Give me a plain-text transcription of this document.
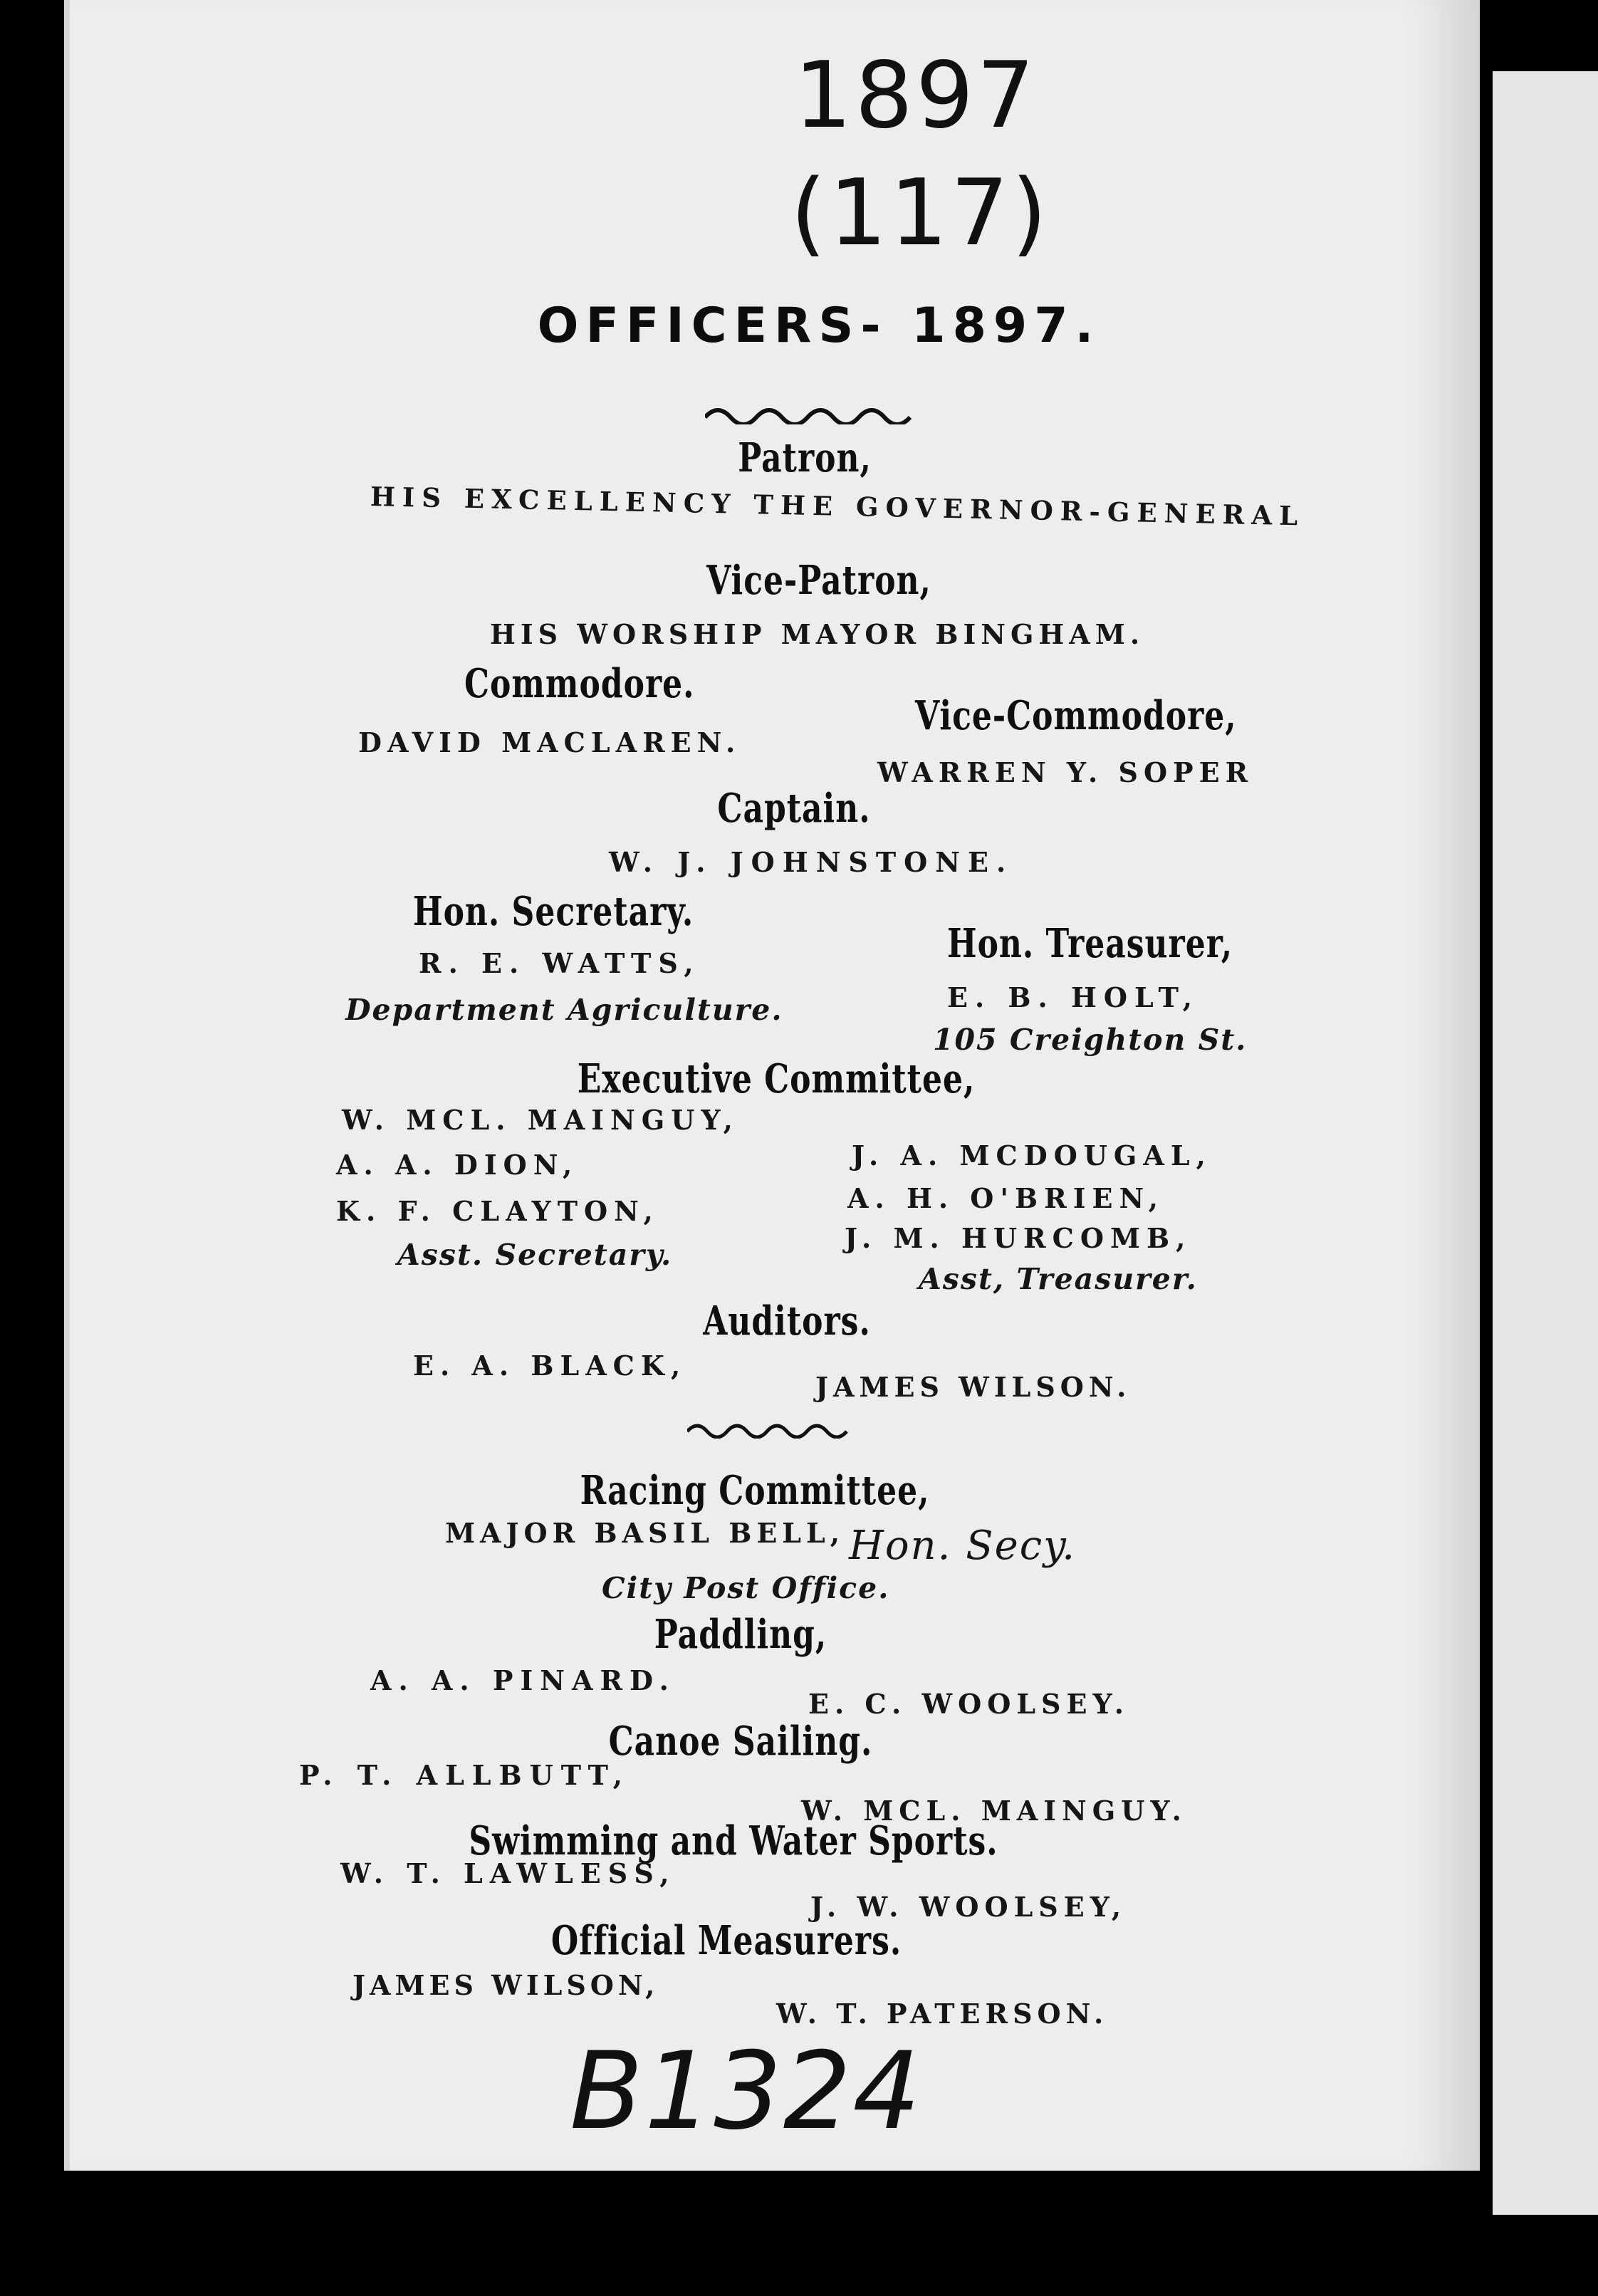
1897
(117)
OFFICERS- 1897.
Patron,
HIS EXCELLENCY THE GOVERNOR-GENERAL
Vice-Patron,
HIS WORSHIP MAYOR BINGHAM.
Commodore.
Vice-Commodore,
DAVID MACLAREN.
WARREN Y. SOPER
Captain.
W. J. JOHNSTONE.
Hon. Secretary.
Hon. Treasurer,
R. E. WATTS,
E. B. HOLT,
Department Agriculture.
105 Creighton St.
Executive Committee,
W. MCL. MAINGUY,
A. A. DION,
K. F. CLAYTON,
Asst. Secretary.
J. A. MCDOUGAL,
A. H. O'BRIEN,
J. M. HURCOMB,
Asst, Treasurer.
Auditors.
E. A. BLACK,
JAMES WILSON.
Racing Committee,
MAJOR BASIL BELL, Hon. Secy.
City Post Office.
Paddling,
A. A. PINARD.
E. C. WOOLSEY.
Canoe Sailing.
P. T. ALLBUTT,
W. MCL. MAINGUY.
Swimming and Water Sports.
W. T. LAWLESS,
J. W. WOOLSEY,
Official Measurers.
JAMES WILSON,
W. T. PATERSON.
B1324
